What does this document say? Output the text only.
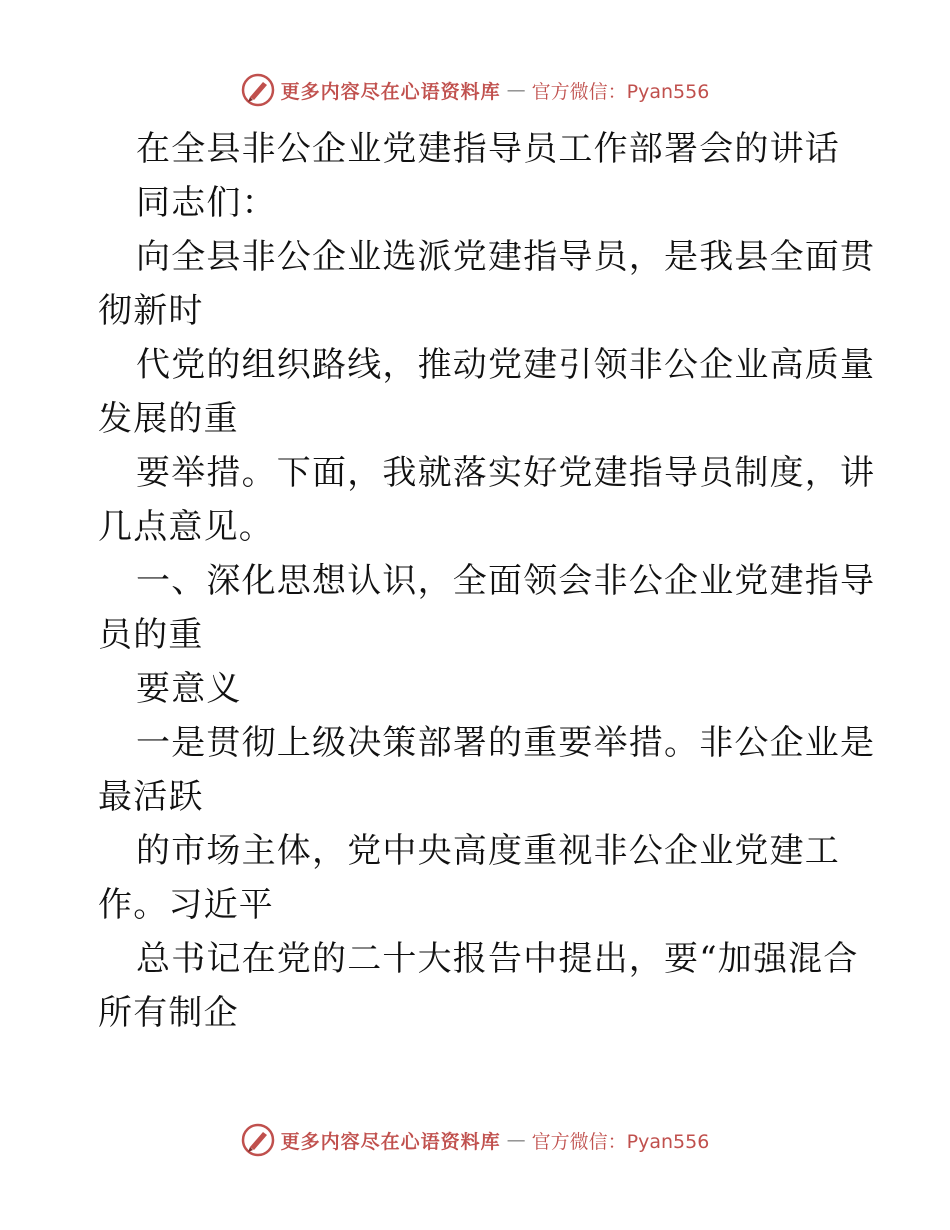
更多内容尽在心语资料库 — 官方微信：Pyan556
在全县非公企业党建指导员工作部署会的讲话
同志们：
向全县非公企业选派党建指导员，是我县全面贯
彻新时
代党的组织路线，推动党建引领非公企业高质量
发展的重
要举措。下面，我就落实好党建指导员制度，讲
几点意见。
一、深化思想认识，全面领会非公企业党建指导
员的重
要意义
一是贯彻上级决策部署的重要举措。非公企业是
最活跃
的市场主体，党中央高度重视非公企业党建工
作。习近平
总书记在党的二十大报告中提出，要“加强混合
所有制企
更多内容尽在心语资料库 — 官方微信：Pyan556
